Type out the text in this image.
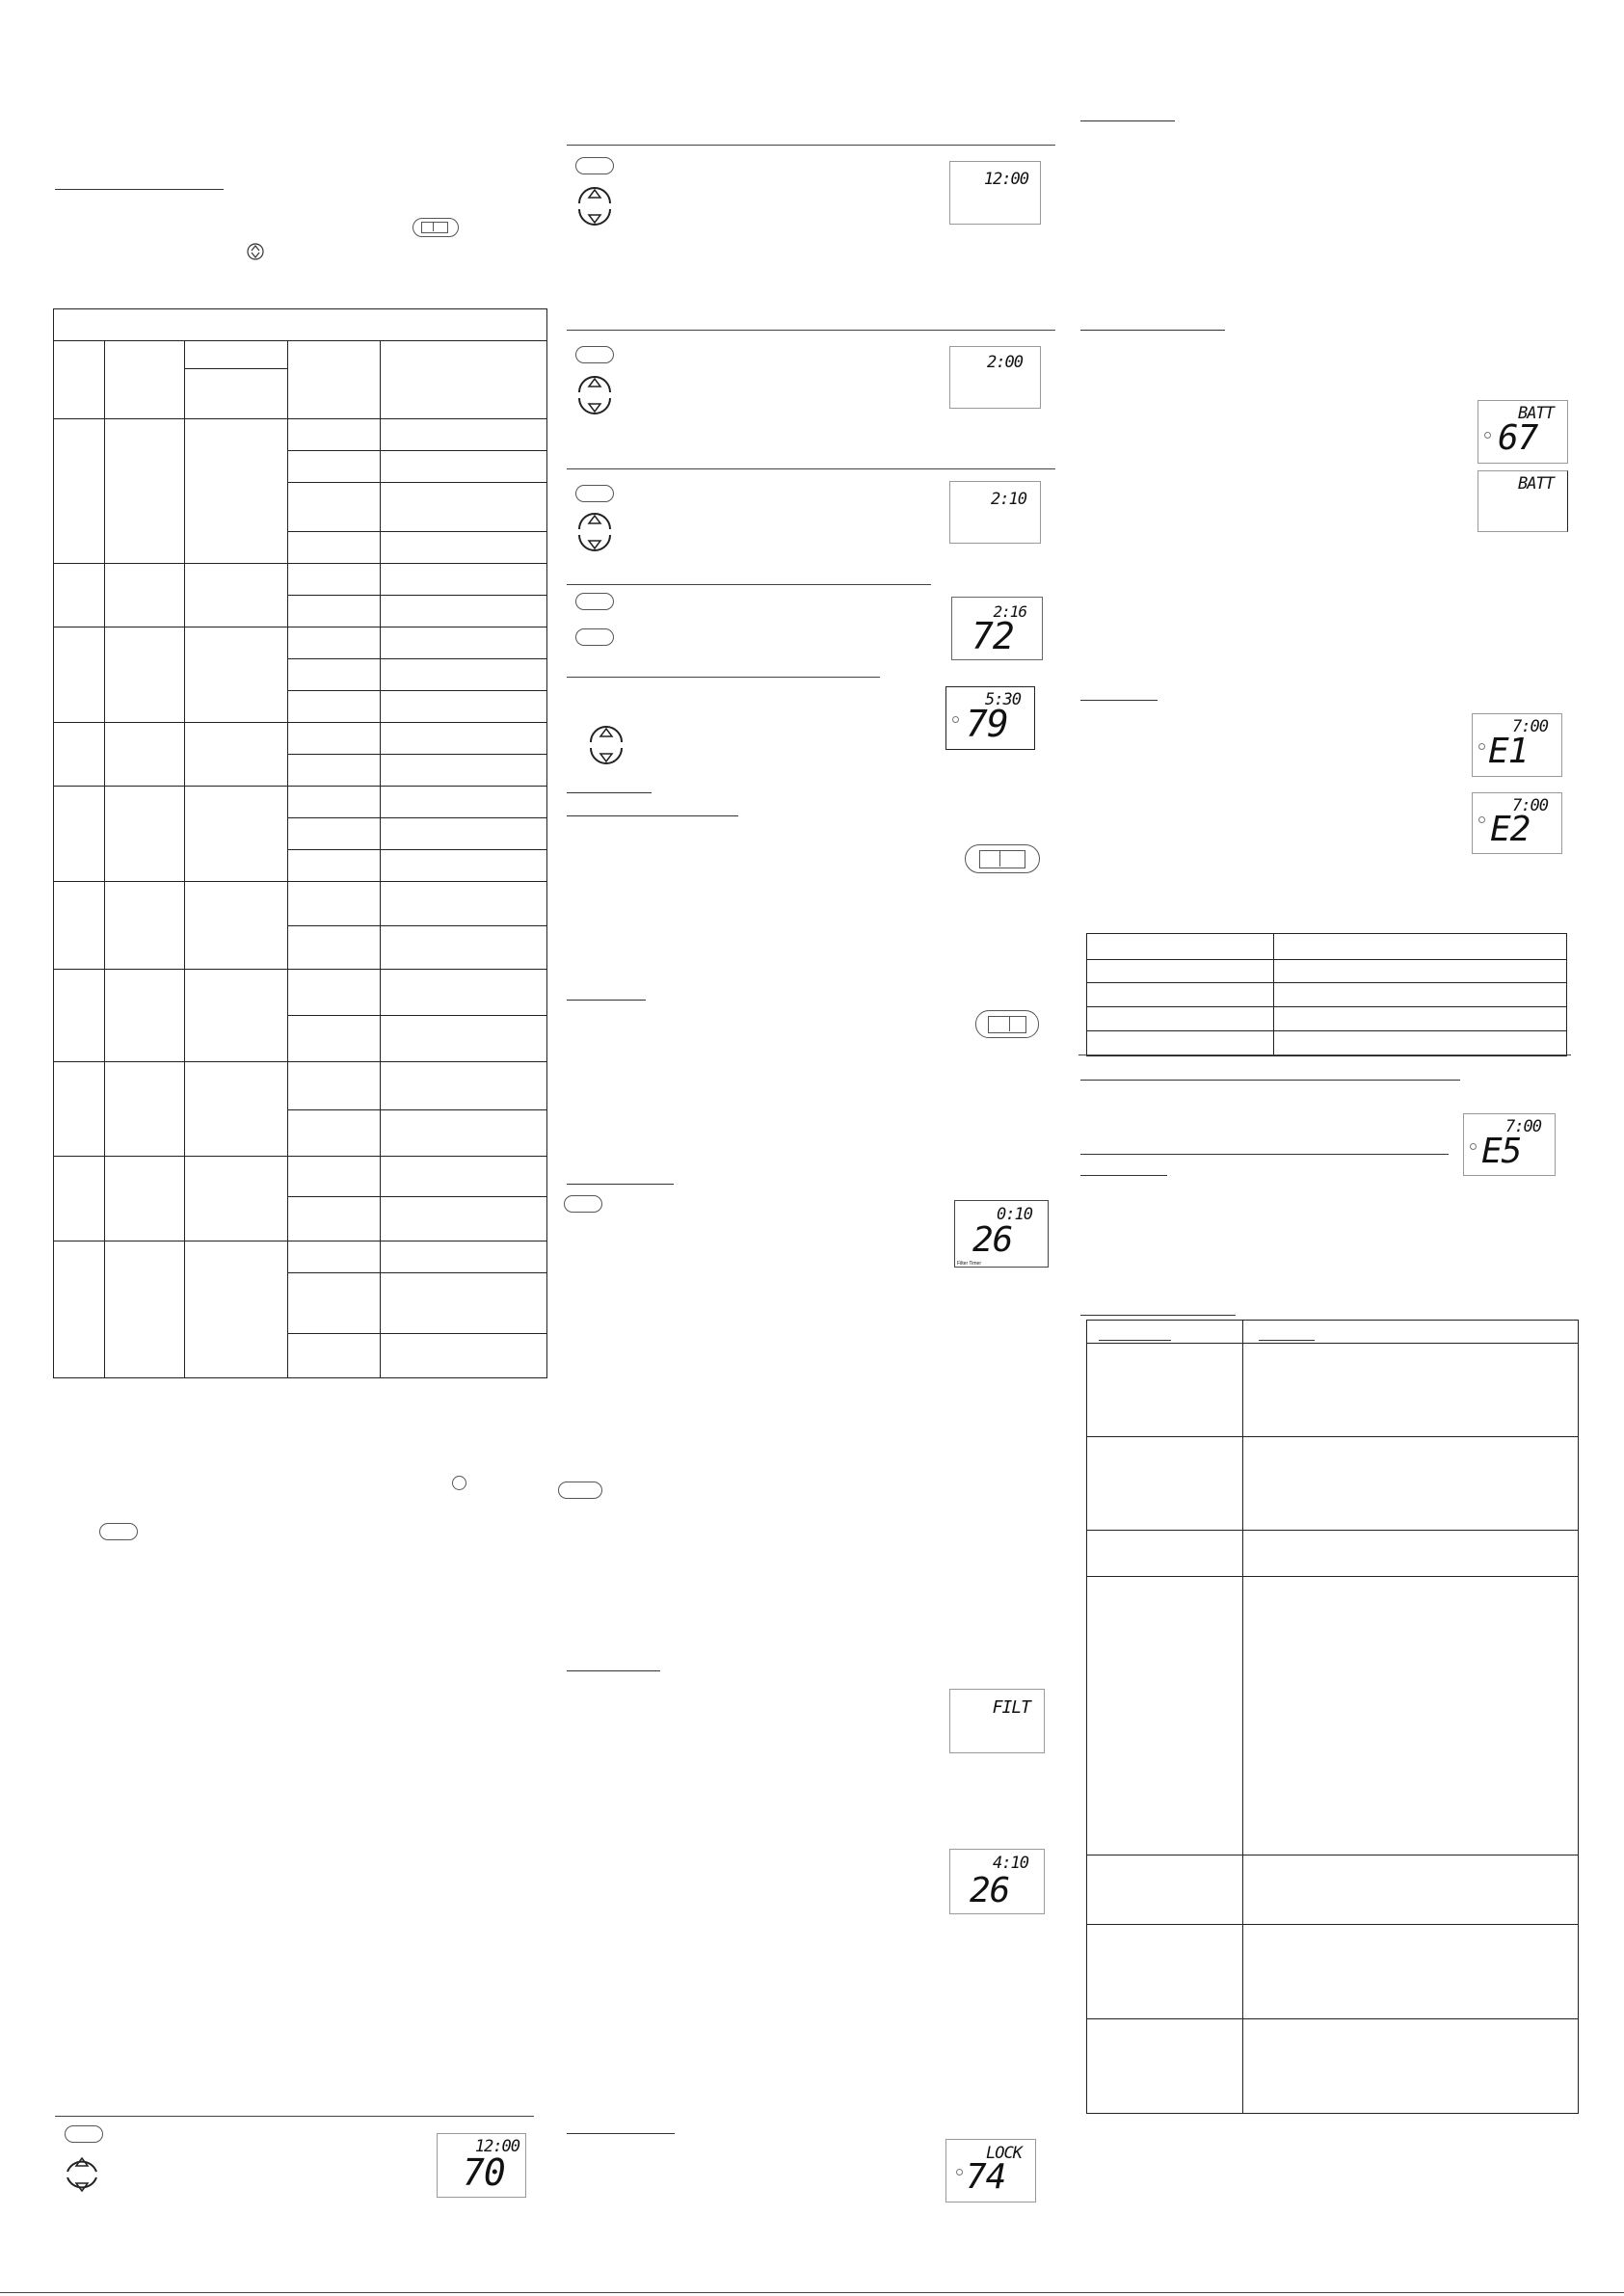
12:00
70
12:00
2:00
2:10
2:16
72
5:30
79
0:10
26
Filter Timer
FILT
4:10
26
LOCK
74
BATT
67
BATT
7:00
E1
7:00
E2

7:00
E5
